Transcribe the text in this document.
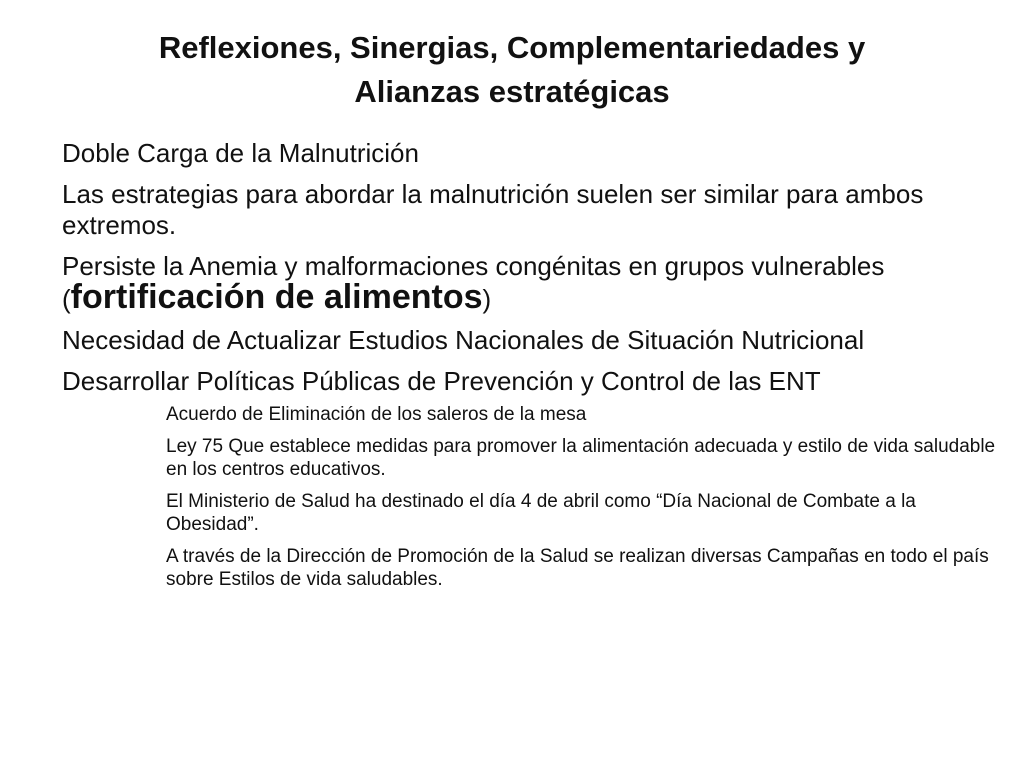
Reflexiones, Sinergias, Complementariedades y
Alianzas estratégicas
Doble Carga de la Malnutrición
Las estrategias para abordar la malnutrición suelen ser similar para ambos extremos.
Persiste la Anemia y malformaciones congénitas en grupos vulnerables (fortificación de alimentos)
Necesidad de Actualizar Estudios Nacionales de Situación Nutricional
Desarrollar Políticas Públicas de Prevención y Control de las ENT
Acuerdo de Eliminación de los saleros de la mesa
Ley 75 Que establece medidas para promover la alimentación adecuada y estilo de vida saludable en los centros educativos.
El Ministerio de Salud ha destinado el día 4 de abril como “Día Nacional de Combate a la Obesidad”.
A través de la Dirección de Promoción de la Salud se realizan diversas Campañas en todo el país sobre Estilos de vida saludables.
